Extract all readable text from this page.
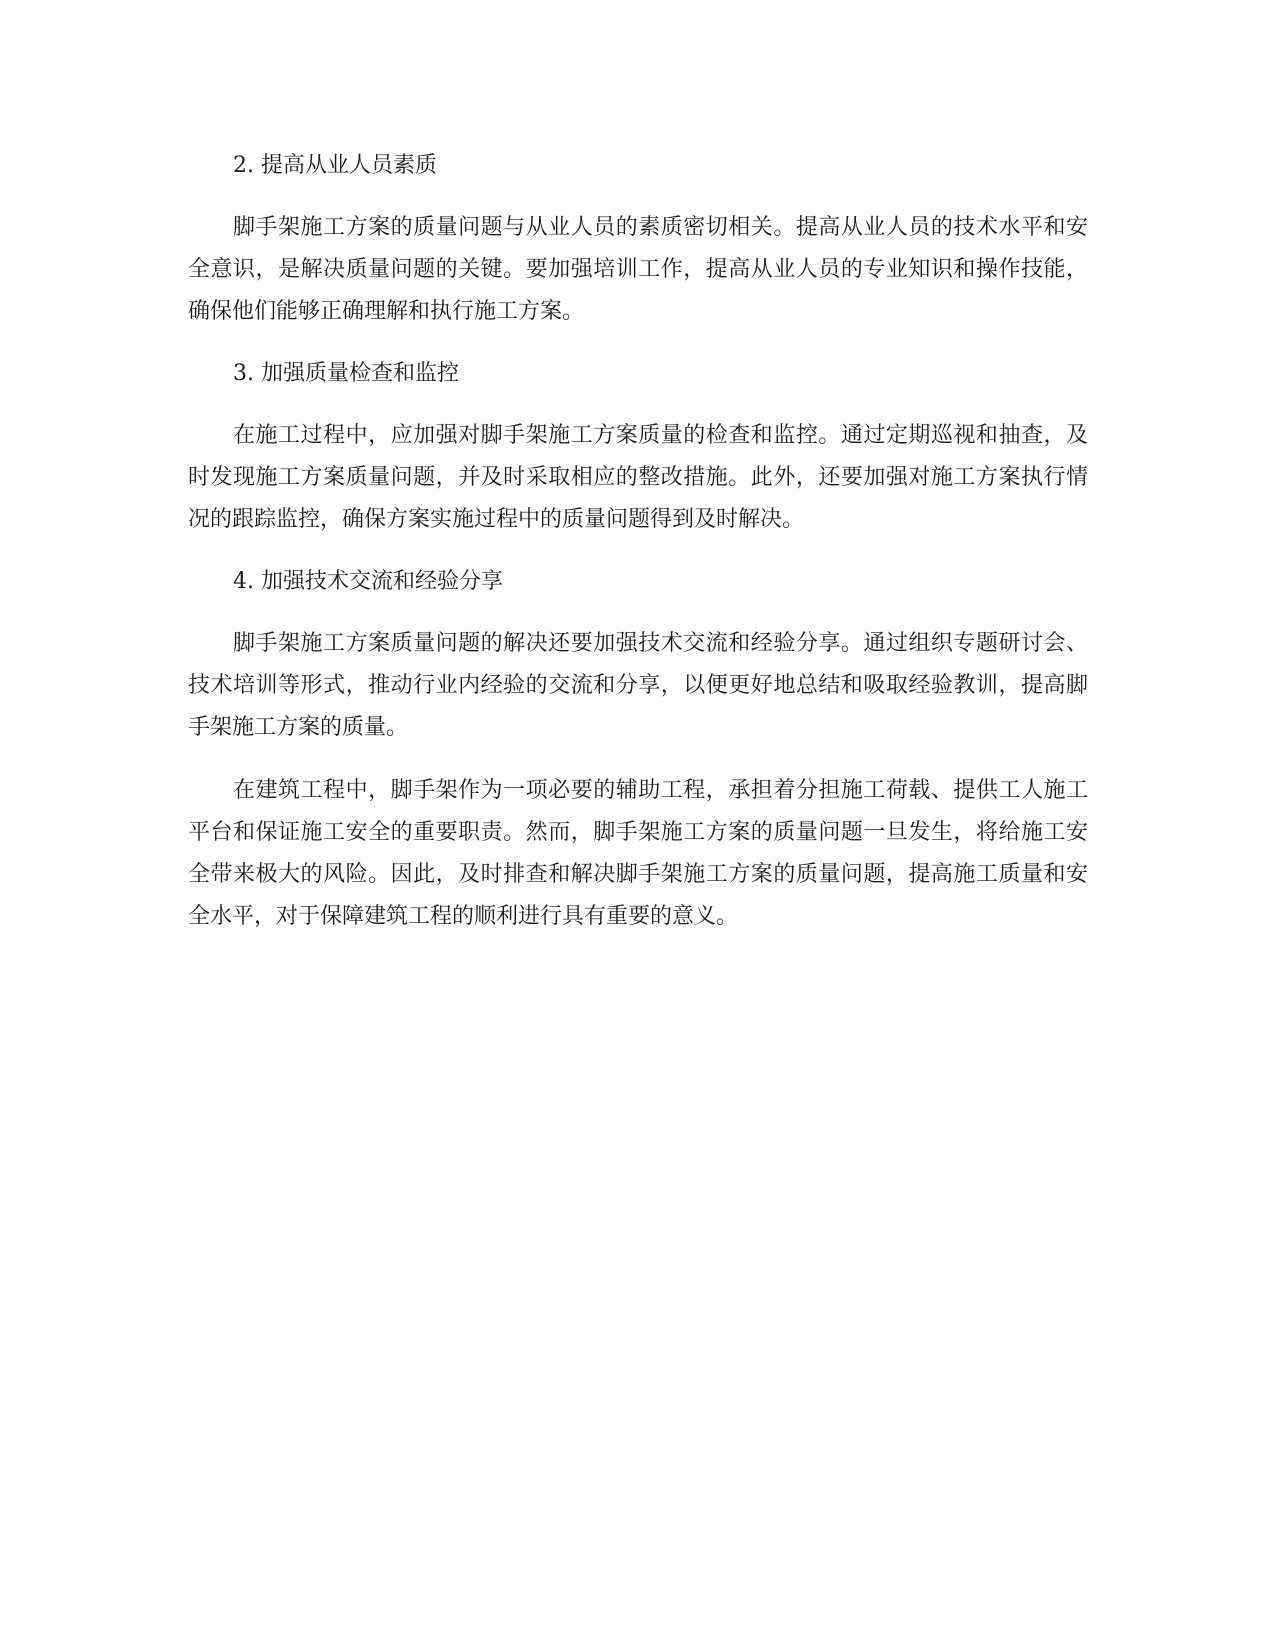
2. 提高从业人员素质

脚手架施工方案的质量问题与从业人员的素质密切相关。提高从业人员的技术水平和安全意识，是解决质量问题的关键。要加强培训工作，提高从业人员的专业知识和操作技能，确保他们能够正确理解和执行施工方案。

3. 加强质量检查和监控

在施工过程中，应加强对脚手架施工方案质量的检查和监控。通过定期巡视和抽查，及时发现施工方案质量问题，并及时采取相应的整改措施。此外，还要加强对施工方案执行情况的跟踪监控，确保方案实施过程中的质量问题得到及时解决。

4. 加强技术交流和经验分享

脚手架施工方案质量问题的解决还要加强技术交流和经验分享。通过组织专题研讨会、技术培训等形式，推动行业内经验的交流和分享，以便更好地总结和吸取经验教训，提高脚手架施工方案的质量。

在建筑工程中，脚手架作为一项必要的辅助工程，承担着分担施工荷载、提供工人施工平台和保证施工安全的重要职责。然而，脚手架施工方案的质量问题一旦发生，将给施工安全带来极大的风险。因此，及时排查和解决脚手架施工方案的质量问题，提高施工质量和安全水平，对于保障建筑工程的顺利进行具有重要的意义。
